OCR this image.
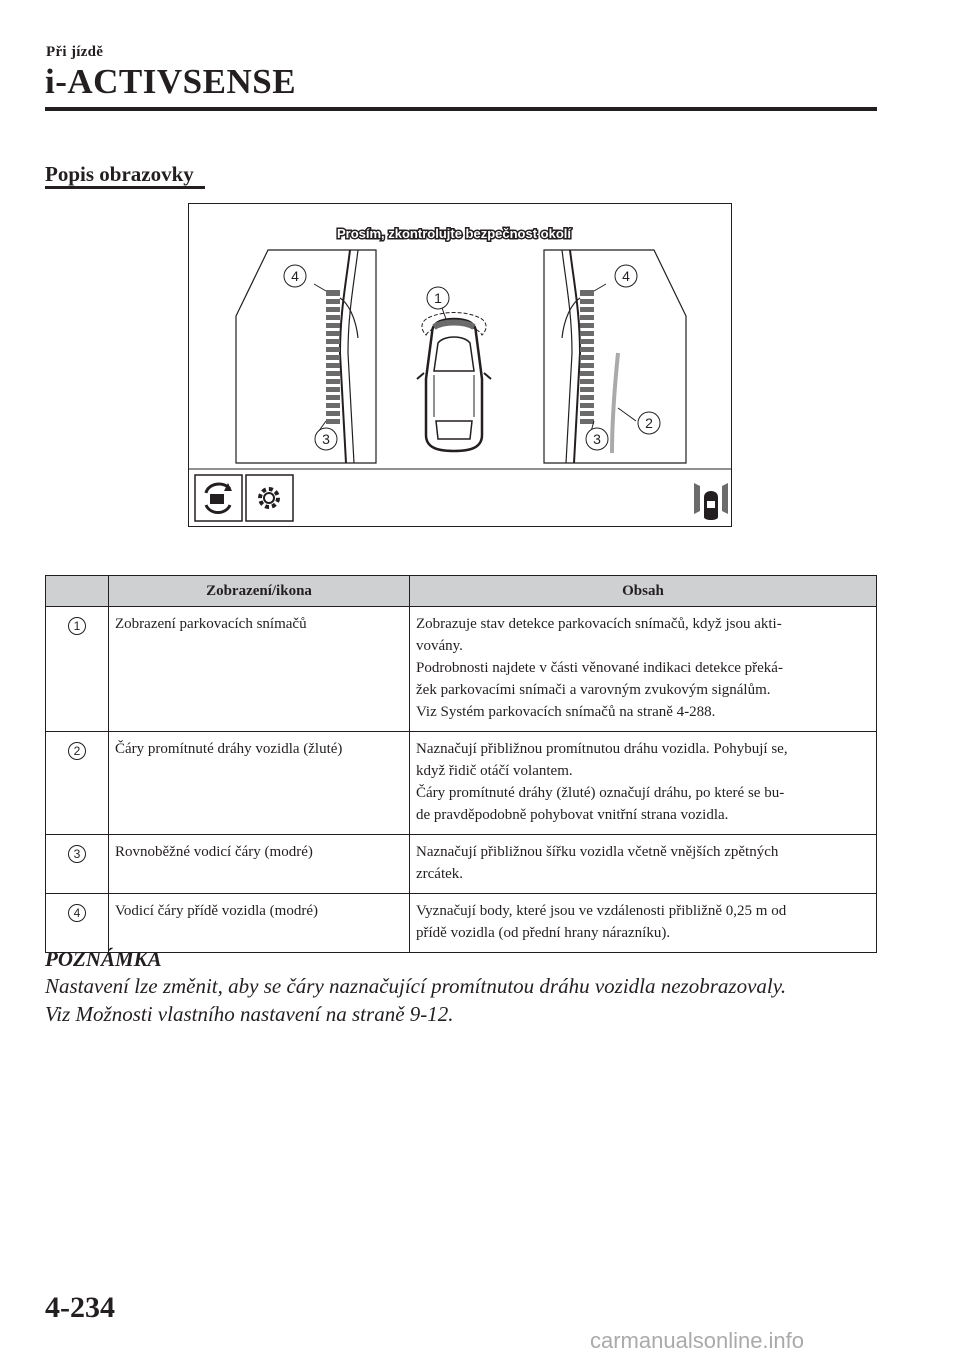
Při jízdě
i-ACTIVSENSE
Popis obrazovky
Prosím, zkontrolujte bezpečnost okolí
1
2
3	3
4	4
	Zobrazení/ikona	Obsah
1	Zobrazení parkovacích snímačů	Zobrazuje stav detekce parkovacích snímačů, když jsou akti-
vovány.
Podrobnosti najdete v části věnované indikaci detekce překá-
žek parkovacími snímači a varovným zvukovým signálům.
Viz Systém parkovacích snímačů na straně 4-288.

2	Čáry promítnuté dráhy vozidla (žluté)	Naznačují přibližnou promítnutou dráhu vozidla. Pohybují se,
když řidič otáčí volantem.
Čáry promítnuté dráhy (žluté) označují dráhu, po které se bu-
de pravděpodobně pohybovat vnitřní strana vozidla.

3	Rovnoběžné vodicí čáry (modré)	Naznačují přibližnou šířku vozidla včetně vnějších zpětných
zrcátek.

4	Vodicí čáry přídě vozidla (modré)	Vyznačují body, které jsou ve vzdálenosti přibližně 0,25 m od
přídě vozidla (od přední hrany nárazníku).
POZNÁMKA
Nastavení lze změnit, aby se čáry naznačující promítnutou dráhu vozidla nezobrazovaly.
Viz Možnosti vlastního nastavení na straně 9-12.
4-234
carmanualsonline.info
